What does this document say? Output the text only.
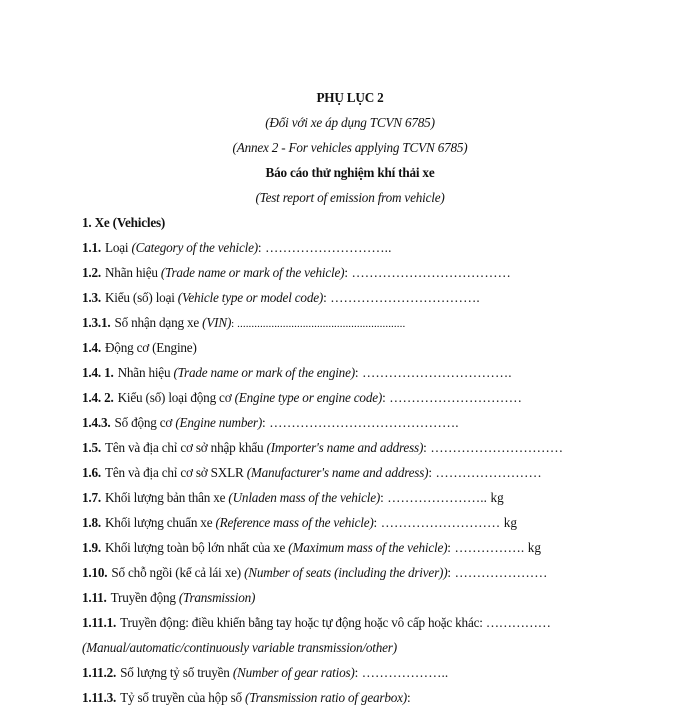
PHỤ LỤC 2
(Đối với xe áp dụng TCVN 6785)
(Annex 2 - For vehicles applying TCVN 6785)
Báo cáo thử nghiệm khí thải xe
(Test report of emission from vehicle)
1. Xe (Vehicles)
1.1. Loại (Category of the vehicle): ………………………..
1.2. Nhãn hiệu (Trade name or mark of the vehicle): ………………………………
1.3. Kiểu (số) loại (Vehicle type or model code): …………………………….
1.3.1. Số nhận dạng xe (VIN): ...........................................................
1.4. Động cơ (Engine)
1.4. 1. Nhãn hiệu (Trade name or mark of the engine): …………………………….
1.4. 2. Kiểu (số) loại động cơ (Engine type or engine code): …………………………
1.4.3. Số động cơ (Engine number): …………………………………….
1.5. Tên và địa chỉ cơ sở nhập khẩu (Importer's name and address): …………………………
1.6. Tên và địa chỉ cơ sở SXLR (Manufacturer's name and address): ……………………
1.7. Khối lượng bản thân xe (Unladen mass of the vehicle): ………………….. kg
1.8. Khối lượng chuẩn xe (Reference mass of the vehicle): ……………………… kg
1.9. Khối lượng toàn bộ lớn nhất của xe (Maximum mass of the vehicle): ……………. kg
1.10. Số chỗ ngồi (kể cả lái xe) (Number of seats (including the driver)): …………………
1.11. Truyền động (Transmission)
1.11.1. Truyền động: điều khiển bằng tay hoặc tự động hoặc vô cấp hoặc khác: ……………
(Manual/automatic/continuously variable transmission/other)
1.11.2. Số lượng tỷ số truyền (Number of gear ratios): ………………..
1.11.3. Tỷ số truyền của hộp số (Transmission ratio of gearbox):
